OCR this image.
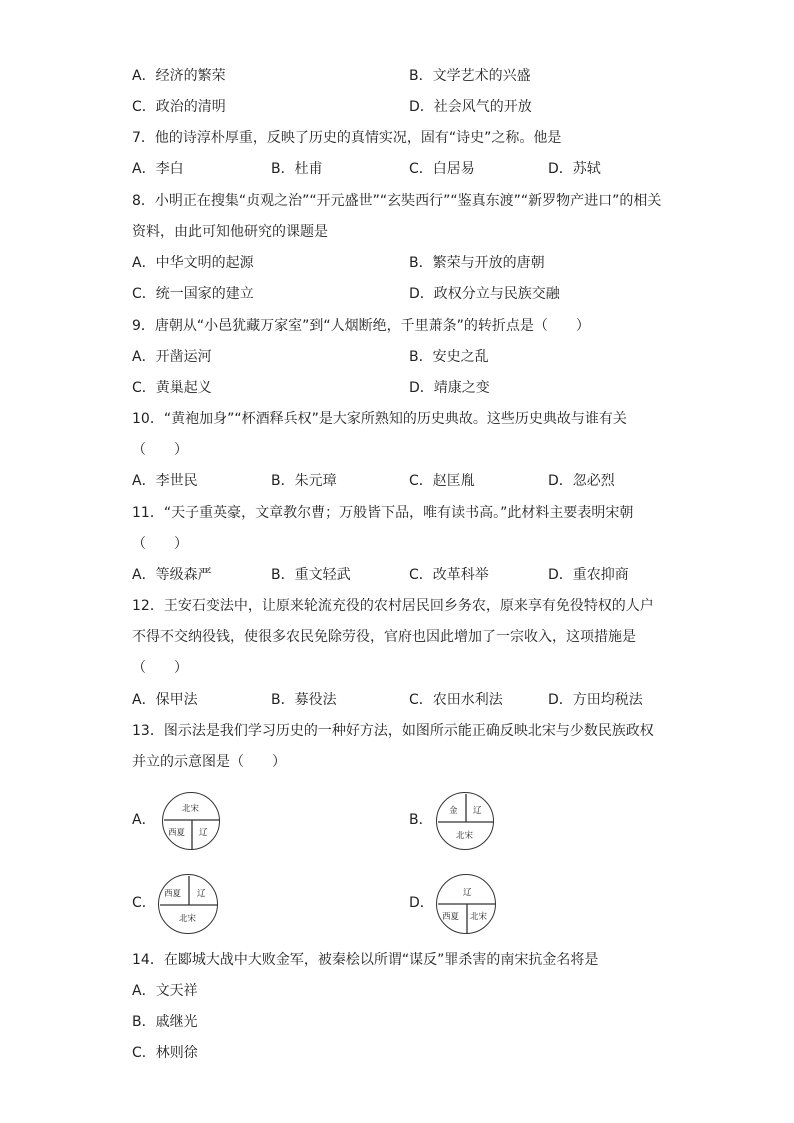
A．经济的繁荣	B．文学艺术的兴盛
C．政治的清明	D．社会风气的开放
7．他的诗淳朴厚重，反映了历史的真情实况，固有“诗史”之称。他是
A．李白	B．杜甫	C．白居易	D．苏轼
8．小明正在搜集“贞观之治”“开元盛世”“玄奘西行”“鉴真东渡”“新罗物产进口”的相关
资料，由此可知他研究的课题是
A．中华文明的起源	B．繁荣与开放的唐朝
C．统一国家的建立	D．政权分立与民族交融
9．唐朝从“小邑犹藏万家室”到“人烟断绝，千里萧条”的转折点是（　　）
A．开凿运河	B．安史之乱
C．黄巢起义	D．靖康之变
10．“黄袍加身”“杯酒释兵权”是大家所熟知的历史典故。这些历史典故与谁有关
（　　）
A．李世民	B．朱元璋	C．赵匡胤	D．忽必烈
11．“天子重英豪，文章教尔曹；万般皆下品，唯有读书高。”此材料主要表明宋朝
（　　）
A．等级森严	B．重文轻武	C．改革科举	D．重农抑商
12．王安石变法中，让原来轮流充役的农村居民回乡务农，原来享有免役特权的人户
不得不交纳役钱，使很多农民免除劳役，官府也因此增加了一宗收入，这项措施是
（　　）
A．保甲法	B．募役法	C．农田水利法	D．方田均税法
13．图示法是我们学习历史的一种好方法，如图所示能正确反映北宋与少数民族政权
并立的示意图是（　　）
A．
北宋
西夏 辽
B．
金 辽
北宋
C．
西夏 辽
北宋
D．
辽
西夏 北宋
14．在郾城大战中大败金军，被秦桧以所谓“谋反”罪杀害的南宋抗金名将是
A．文天祥
B．戚继光
C．林则徐
